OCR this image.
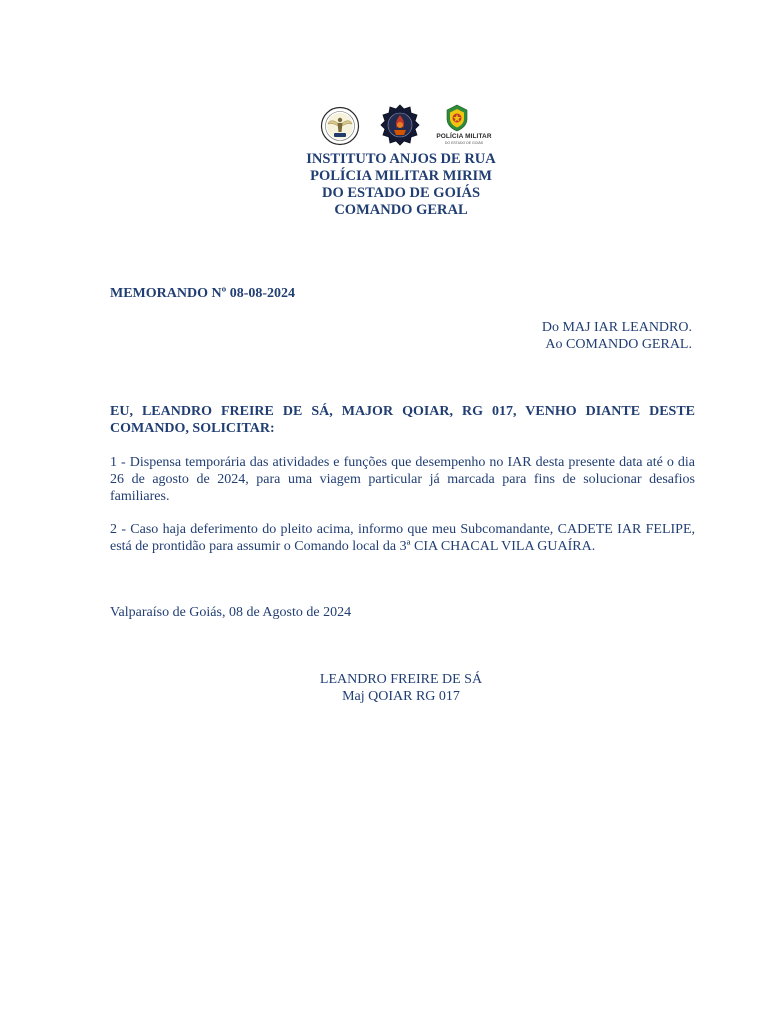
POLÍCIA MILITAR
DO ESTADO DE GOIÁS
INSTITUTO ANJOS DE RUA
POLÍCIA MILITAR MIRIM
DO ESTADO DE GOIÁS
COMANDO GERAL
MEMORANDO Nº 08-08-2024
Do MAJ IAR LEANDRO.
Ao COMANDO GERAL.
EU, LEANDRO FREIRE DE SÁ, MAJOR QOIAR, RG 017, VENHO DIANTE DESTE COMANDO, SOLICITAR:
1 - Dispensa temporária das atividades e funções que desempenho no IAR desta presente data até o dia 26 de agosto de 2024, para uma viagem particular já marcada para fins de solucionar desafios familiares.
2 - Caso haja deferimento do pleito acima, informo que meu Subcomandante, CADETE IAR FELIPE, está de prontidão para assumir o Comando local da 3ª CIA CHACAL VILA GUAÍRA.
Valparaíso de Goiás, 08 de Agosto de 2024
LEANDRO FREIRE DE SÁ
Maj QOIAR RG 017
